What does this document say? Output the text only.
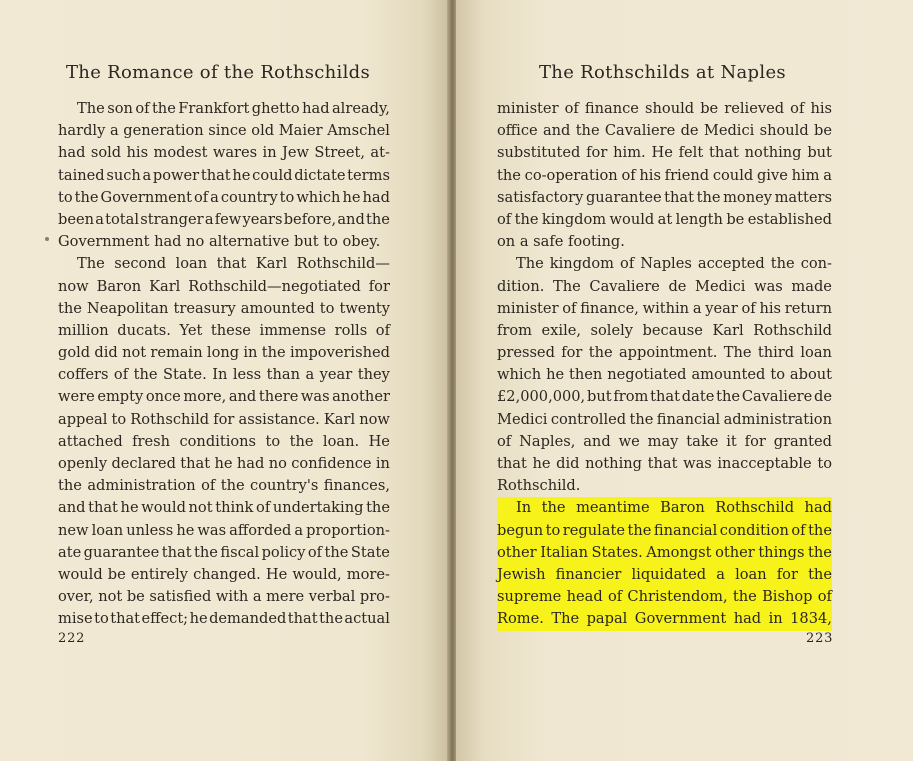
The Romance of the Rothschilds
The son of the Frankfort ghetto had already,
hardly a generation since old Maier Amschel
had sold his modest wares in Jew Street, at-
tained such a power that he could dictate terms
to the Government of a country to which he had
been a total stranger a few years before, and the
Government had no alternative but to obey.
The second loan that Karl Rothschild—
now Baron Karl Rothschild—negotiated for
the Neapolitan treasury amounted to twenty
million ducats. Yet these immense rolls of
gold did not remain long in the impoverished
coffers of the State. In less than a year they
were empty once more, and there was another
appeal to Rothschild for assistance. Karl now
attached fresh conditions to the loan. He
openly declared that he had no confidence in
the administration of the country's finances,
and that he would not think of undertaking the
new loan unless he was afforded a proportion-
ate guarantee that the fiscal policy of the State
would be entirely changed. He would, more-
over, not be satisfied with a mere verbal pro-
mise to that effect; he demanded that the actual
222
The Rothschilds at Naples
minister of finance should be relieved of his
office and the Cavaliere de Medici should be
substituted for him. He felt that nothing but
the co-operation of his friend could give him a
satisfactory guarantee that the money matters
of the kingdom would at length be established
on a safe footing.
The kingdom of Naples accepted the con-
dition. The Cavaliere de Medici was made
minister of finance, within a year of his return
from exile, solely because Karl Rothschild
pressed for the appointment. The third loan
which he then negotiated amounted to about
£2,000,000, but from that date the Cavaliere de
Medici controlled the financial administration
of Naples, and we may take it for granted
that he did nothing that was inacceptable to
Rothschild.
In the meantime Baron Rothschild had
begun to regulate the financial condition of the
other Italian States. Amongst other things the
Jewish financier liquidated a loan for the
supreme head of Christendom, the Bishop of
Rome. The papal Government had in 1834,
223
